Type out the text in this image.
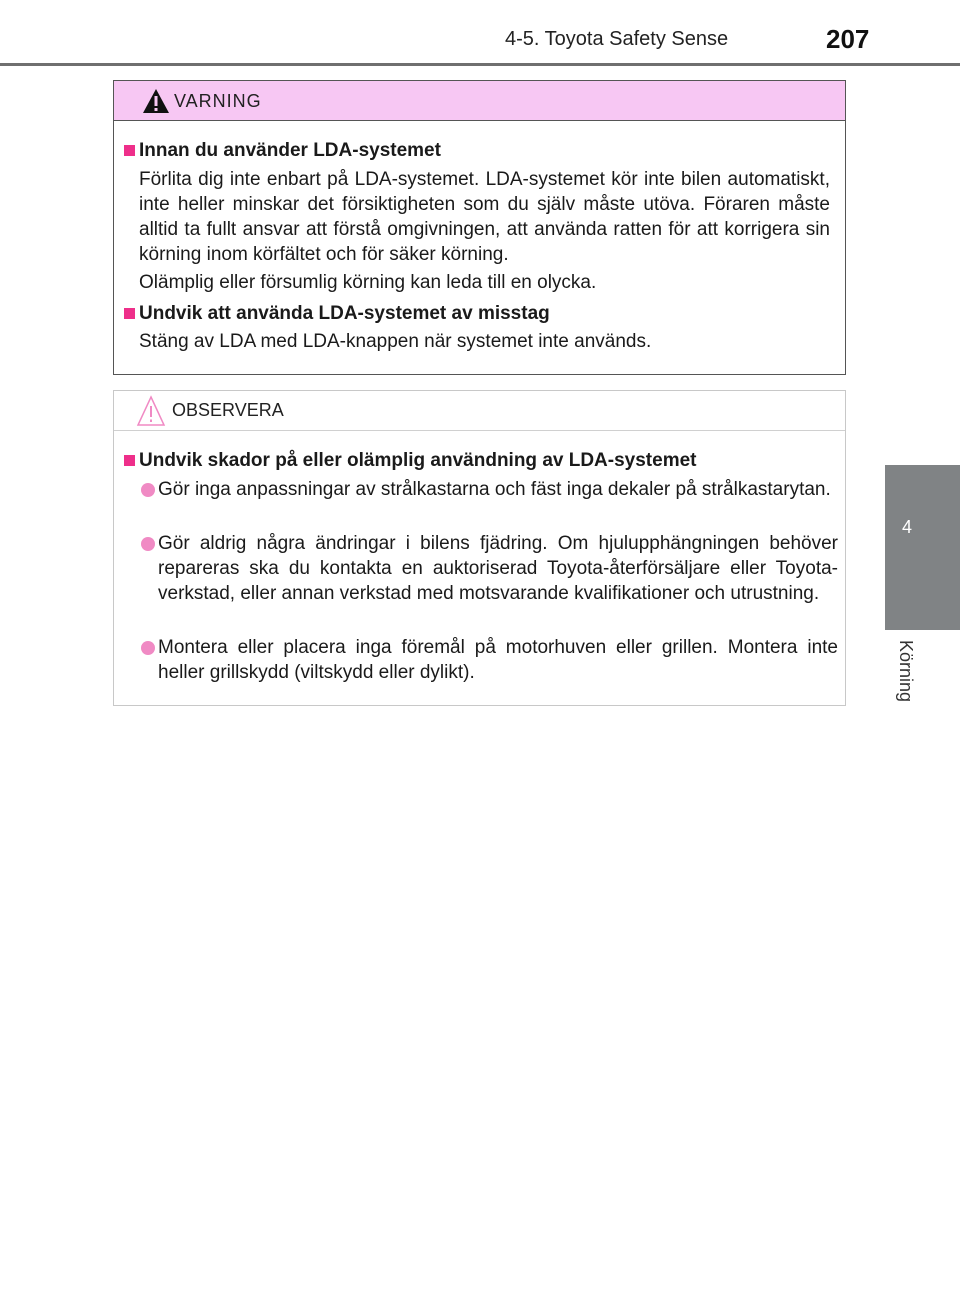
4-5. Toyota Safety Sense	207
4
Körning
VARNING
Innan du använder LDA-systemet
Förlita dig inte enbart på LDA-systemet. LDA-systemet kör inte bilen automatiskt, inte heller minskar det försiktigheten som du själv måste utöva. Föraren måste alltid ta fullt ansvar att förstå omgivningen, att använda ratten för att korrigera sin körning inom körfältet och för säker körning.
Olämplig eller försumlig körning kan leda till en olycka.
Undvik att använda LDA-systemet av misstag
Stäng av LDA med LDA-knappen när systemet inte används.
OBSERVERA
Undvik skador på eller olämplig användning av LDA-systemet
Gör inga anpassningar av strålkastarna och fäst inga dekaler på strålkastarytan.
Gör aldrig några ändringar i bilens fjädring. Om hjulupphängningen behöver repareras ska du kontakta en auktoriserad Toyota-återförsäljare eller Toyota-verkstad, eller annan verkstad med motsvarande kvalifikationer och utrustning.
Montera eller placera inga föremål på motorhuven eller grillen. Montera inte heller grillskydd (viltskydd eller dylikt).
